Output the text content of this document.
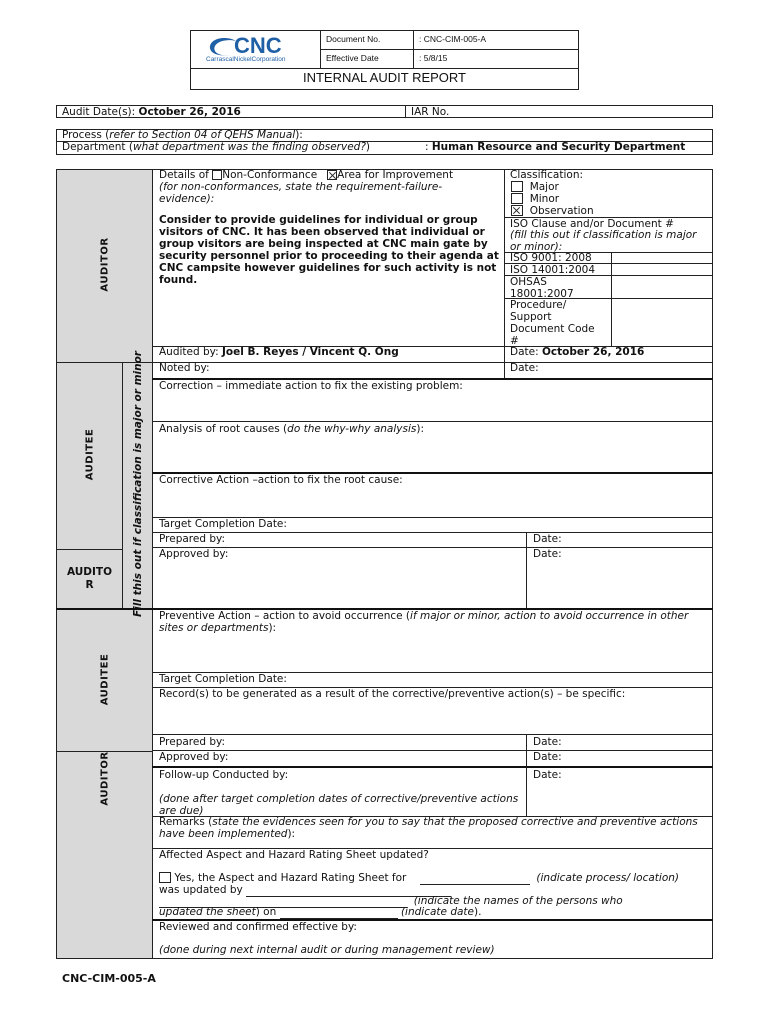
CNC
CarrascalNickelCorporation
Document No.	: CNC-CIM-005-A
Effective Date	: 5/8/15
INTERNAL AUDIT REPORT
Audit Date(s): October 26, 2016	IAR No.
Process (refer to Section 04 of QEHS Manual):
Department (what department was the finding observed?)	: Human Resource and Security Department
AUDITOR
AUDITEE
AUDITO
R	Fill this out if classification is major or minor
AUDITEE
AUDITOR
Details of Non-Conformance Area for Improvement
(for non-conformances, state the requirement-failure-evidence):
Consider to provide guidelines for individual or group visitors of CNC. It has been observed that individual or group visitors are being inspected at CNC main gate by security personnel prior to proceeding to their agenda at CNC campsite however guidelines for such activity is not found.
Classification:
Major
Minor
Observation
ISO Clause and/or Document #
(fill this out if classification is major or minor):
ISO 9001: 2008
ISO 14001:2004
OHSAS
18001:2007
Procedure/
Support
Document Code
#
Audited by: Joel B. Reyes / Vincent Q. Ong	Date: October 26, 2016
Noted by:	Date:
Correction – immediate action to fix the existing problem:
Analysis of root causes (do the why-why analysis):
Corrective Action –action to fix the root cause:
Target Completion Date:
Prepared by:	Date:
Approved by:	Date:
Preventive Action – action to avoid occurrence (if major or minor, action to avoid occurrence in other sites or departments):
Target Completion Date:
Record(s) to be generated as a result of the corrective/preventive action(s) – be specific:
Prepared by:	Date:
Approved by:	Date:
Follow-up Conducted by:	Date:
(done after target completion dates of corrective/preventive actions are due)
Remarks (state the evidences seen for you to say that the proposed corrective and preventive actions have been implemented):
Affected Aspect and Hazard Rating Sheet updated?
Yes, the Aspect and Hazard Rating Sheet for	(indicate process/ location)
was updated by
(indicate the names of the persons who
updated the sheet) on	(indicate date).
Reviewed and confirmed effective by:
(done during next internal audit or during management review)
CNC-CIM-005-A
